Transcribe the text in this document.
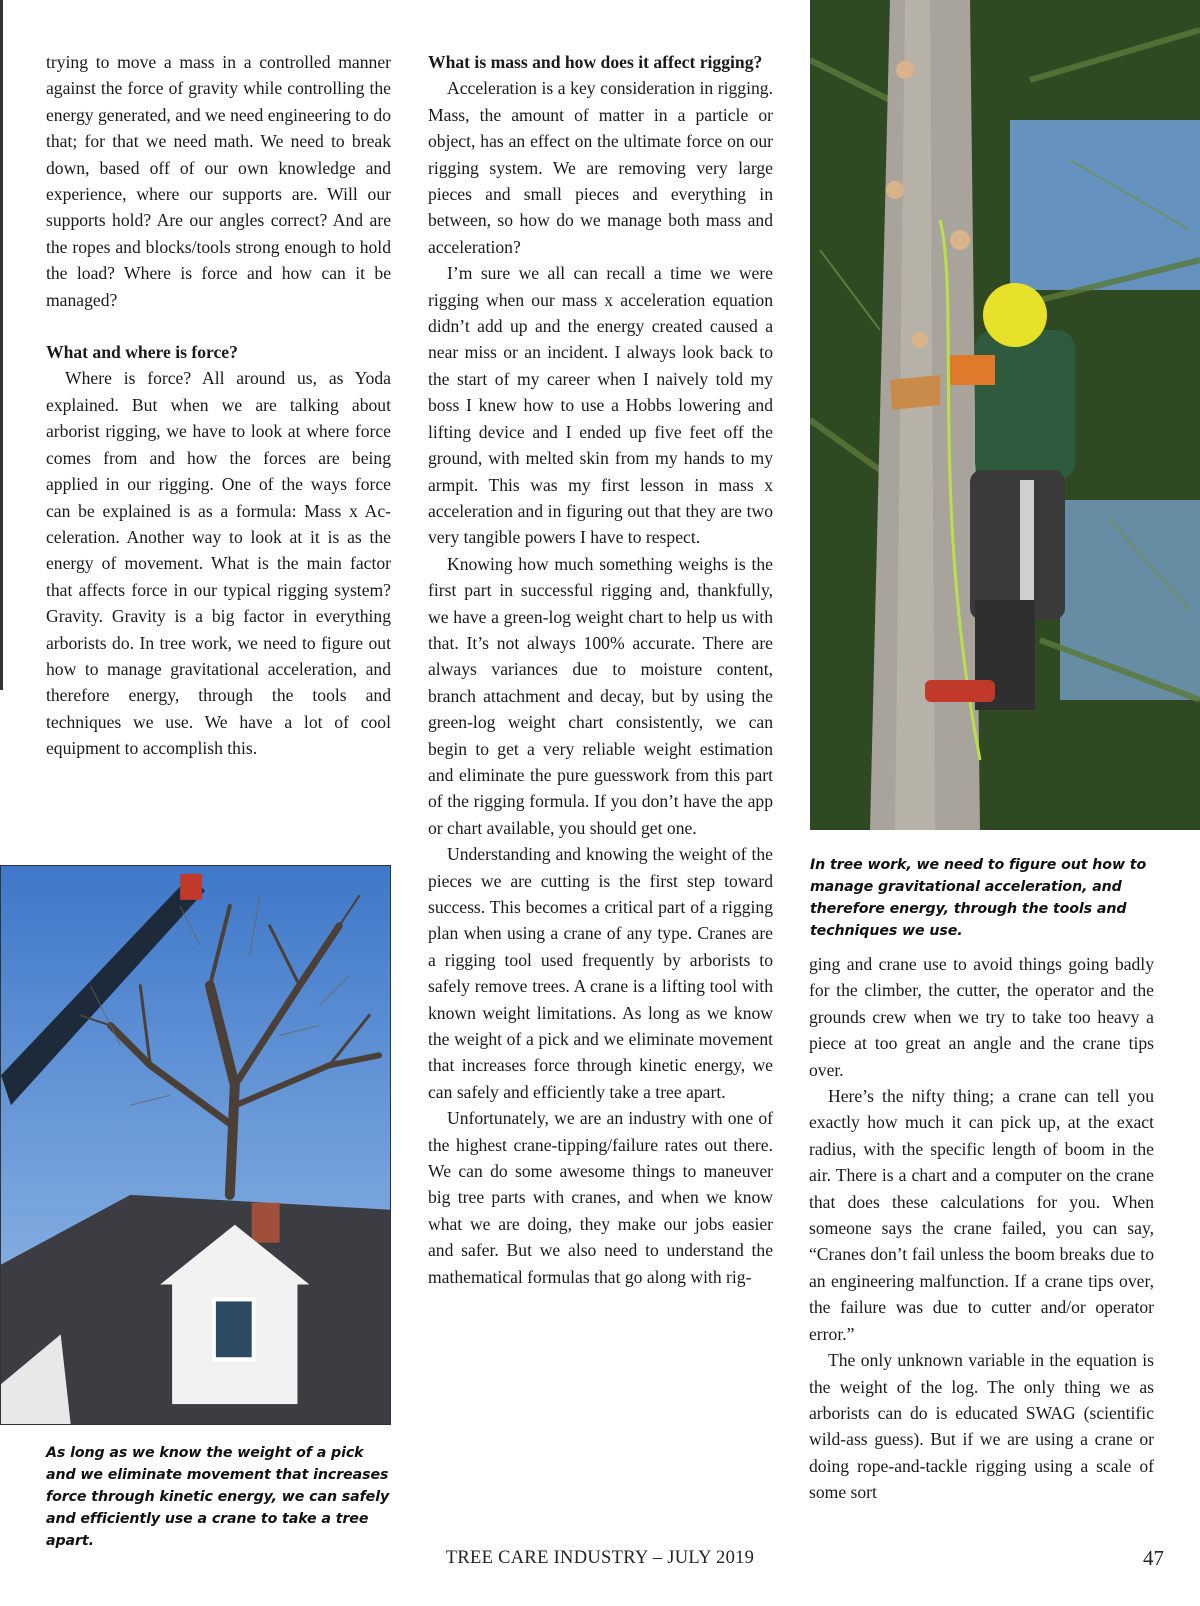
trying to move a mass in a controlled manner against the force of gravity while controlling the energy generated, and we need engineering to do that; for that we need math. We need to break down, based off of our own knowledge and experience, where our supports are. Will our supports hold? Are our angles correct? And are the ropes and blocks/tools strong enough to hold the load? Where is force and how can it be managed?

What and where is force?

Where is force? All around us, as Yoda explained. But when we are talking about arborist rigging, we have to look at where force comes from and how the forces are being applied in our rigging. One of the ways force can be explained is as a formula: Mass x Acceleration. Another way to look at it is as the energy of movement. What is the main factor that affects force in our typical rigging system? Gravity. Gravity is a big factor in everything arborists do. In tree work, we need to figure out how to manage gravitational acceleration, and therefore energy, through the tools and techniques we use. We have a lot of cool equipment to accomplish this.

What is mass and how does it affect rigging?

Acceleration is a key consideration in rigging. Mass, the amount of matter in a particle or object, has an effect on the ultimate force on our rigging system. We are removing very large pieces and small pieces and everything in between, so how do we manage both mass and acceleration?

I’m sure we all can recall a time we were rigging when our mass x acceleration equation didn’t add up and the energy created caused a near miss or an incident. I always look back to the start of my career when I naively told my boss I knew how to use a Hobbs lowering and lifting device and I ended up five feet off the ground, with melted skin from my hands to my armpit. This was my first lesson in mass x acceleration and in figuring out that they are two very tangible powers I have to respect.

Knowing how much something weighs is the first part in successful rigging and, thankfully, we have a green-log weight chart to help us with that. It’s not always 100% accurate. There are always variances due to moisture content, branch attachment and decay, but by using the green-log weight chart consistently, we can begin to get a very reliable weight estimation and eliminate the pure guesswork from this part of the rigging formula. If you don’t have the app or chart available, you should get one.

Understanding and knowing the weight of the pieces we are cutting is the first step toward success. This becomes a critical part of a rigging plan when using a crane of any type. Cranes are a rigging tool used frequently by arborists to safely remove trees. A crane is a lifting tool with known weight limitations. As long as we know the weight of a pick and we eliminate movement that increases force through kinetic energy, we can safely and efficiently take a tree apart.

Unfortunately, we are an industry with one of the highest crane-tipping/failure rates out there. We can do some awesome things to maneuver big tree parts with cranes, and when we know what we are doing, they make our jobs easier and safer. But we also need to understand the mathematical formulas that go along with rig-

In tree work, we need to figure out how to manage gravitational acceleration, and therefore energy, through the tools and techniques we use.

ging and crane use to avoid things going badly for the climber, the cutter, the operator and the grounds crew when we try to take too heavy a piece at too great an angle and the crane tips over.

Here’s the nifty thing; a crane can tell you exactly how much it can pick up, at the exact radius, with the specific length of boom in the air. There is a chart and a computer on the crane that does these calculations for you. When someone says the crane failed, you can say, “Cranes don’t fail unless the boom breaks due to an engineering malfunction. If a crane tips over, the failure was due to cutter and/or operator error.”

The only unknown variable in the equation is the weight of the log. The only thing we as arborists can do is educated SWAG (scientific wild-ass guess). But if we are using a crane or doing rope-and-tackle rigging using a scale of some sort

As long as we know the weight of a pick and we eliminate movement that increases force through kinetic energy, we can safely and efficiently use a crane to take a tree apart.
TREE CARE INDUSTRY – JULY 2019	47
